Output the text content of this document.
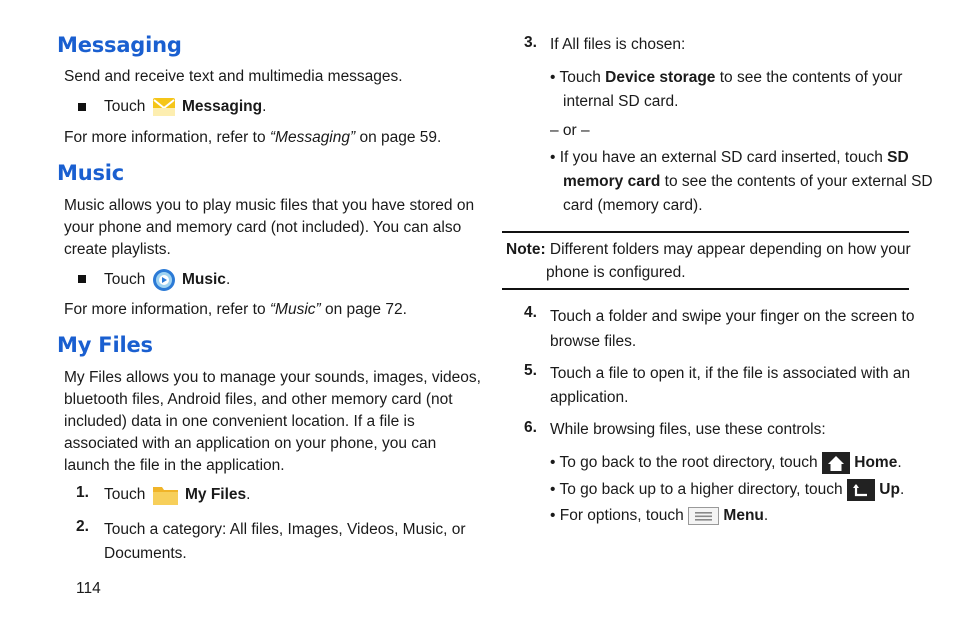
Messaging
Send and receive text and multimedia messages.
Touch Messaging.
For more information, refer to “Messaging” on page 59.
Music
Music allows you to play music files that you have stored on
your phone and memory card (not included). You can also
create playlists.
Touch Music.
For more information, refer to “Music” on page 72.
My Files
My Files allows you to manage your sounds, images, videos,
bluetooth files, Android files, and other memory card (not
included) data in one convenient location. If a file is
associated with an application on your phone, you can
launch the file in the application.
1. Touch	My Files.
2. Touch a category: All files, Images, Videos, Music, or
Documents.
114
3. If All files is chosen:
• Touch Device storage to see the contents of your
internal SD card.
– or –
• If you have an external SD card inserted, touch SD
memory card to see the contents of your external SD
card (memory card).
Note: Different folders may appear depending on how your
phone is configured.
4. Touch a folder and swipe your finger on the screen to
browse files.
5. Touch a file to open it, if the file is associated with an
application.
6. While browsing files, use these controls:
• To go back to the root directory, touch  Home.
• To go back up to a higher directory, touch  Up.
• For options, touch  Menu.
